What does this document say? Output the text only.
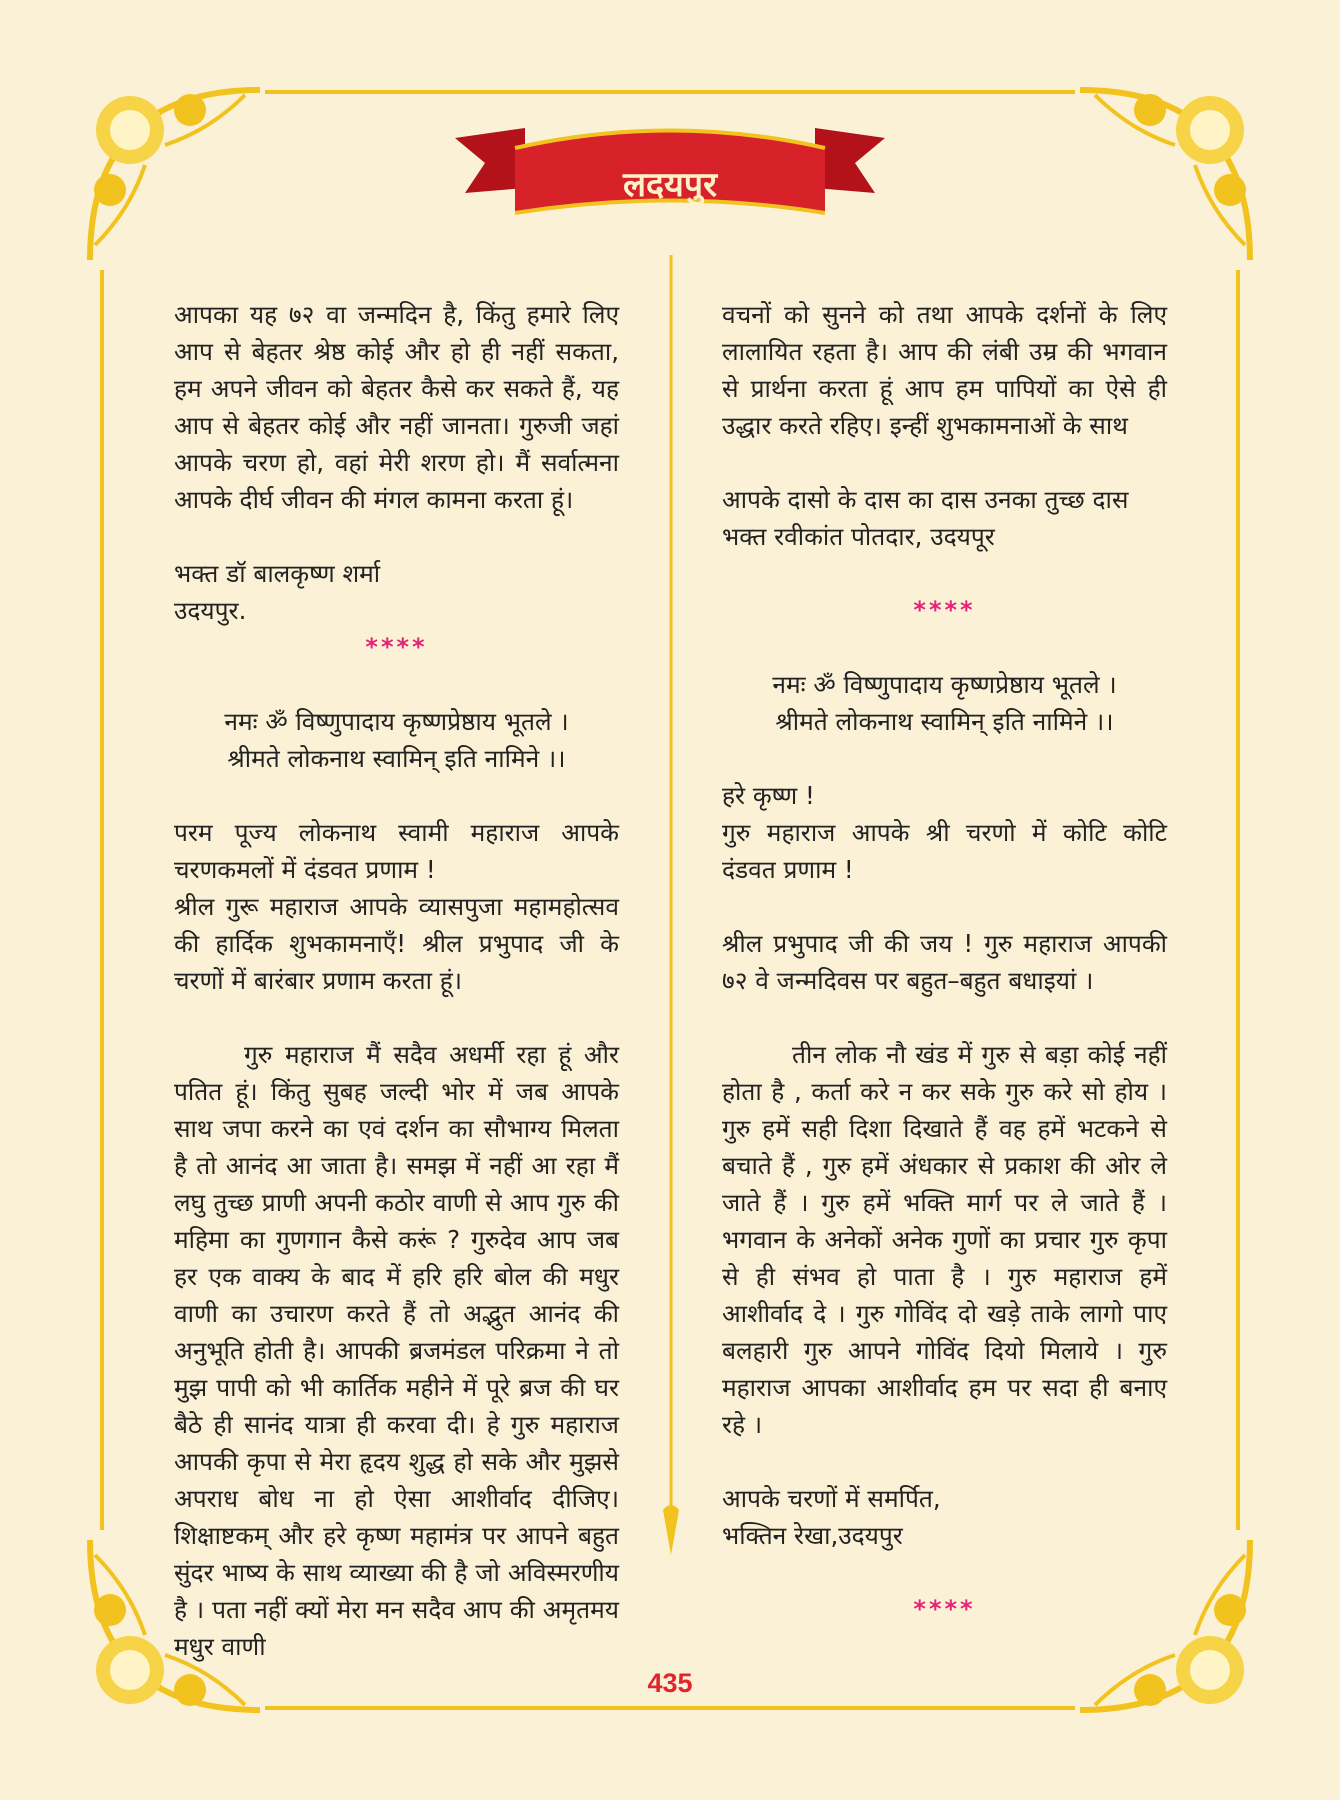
लदयपुर
आपका यह ७२ वा जन्मदिन है, किंतु हमारे लिए आप से बेहतर श्रेष्ठ कोई और हो ही नहीं सकता, हम अपने जीवन को बेहतर कैसे कर सकते हैं, यह आप से बेहतर कोई और नहीं जानता। गुरुजी जहां आपके चरण हो, वहां मेरी शरण हो। मैं सर्वात्मना आपके दीर्घ जीवन की मंगल कामना करता हूं।
भक्त डॉ बालकृष्ण शर्मा
उदयपुर.
****
नमः ॐ विष्णुपादाय कृष्णप्रेष्ठाय भूतले ।
श्रीमते लोकनाथ स्वामिन् इति नामिने ।।
परम पूज्य लोकनाथ स्वामी महाराज आपके चरणकमलों में दंडवत प्रणाम !
श्रील गुरू महाराज आपके व्यासपुजा महामहोत्सव की हार्दिक शुभकामनाएँ! श्रील प्रभुपाद जी के चरणों में बारंबार प्रणाम करता हूं।
गुरु महाराज मैं सदैव अधर्मी रहा हूं और पतित हूं। किंतु सुबह जल्दी भोर में जब आपके साथ जपा करने का एवं दर्शन का सौभाग्य मिलता है तो आनंद आ जाता है। समझ में नहीं आ रहा मैं लघु तुच्छ प्राणी अपनी कठोर वाणी से आप गुरु की महिमा का गुणगान कैसे करूं ? गुरुदेव आप जब हर एक वाक्य के बाद में हरि हरि बोल की मधुर वाणी का उचारण करते हैं तो अद्भुत आनंद की अनुभूति होती है। आपकी ब्रजमंडल परिक्रमा ने तो मुझ पापी को भी कार्तिक महीने में पूरे ब्रज की घर बैठे ही सानंद यात्रा ही करवा दी। हे गुरु महाराज आपकी कृपा से मेरा हृदय शुद्ध हो सके और मुझसे अपराध बोध ना हो ऐसा आशीर्वाद दीजिए। शिक्षाष्टकम् और हरे कृष्ण महामंत्र पर आपने बहुत सुंदर भाष्य के साथ व्याख्या की है जो अविस्मरणीय है । पता नहीं क्यों मेरा मन सदैव आप की अमृतमय मधुर वाणी
वचनों को सुनने को तथा आपके दर्शनों के लिए लालायित रहता है। आप की लंबी उम्र की भगवान से प्रार्थना करता हूं आप हम पापियों का ऐसे ही उद्धार करते रहिए। इन्हीं शुभकामनाओं के साथ
आपके दासो के दास का दास उनका तुच्छ दास
भक्त रवीकांत पोतदार, उदयपूर
****
नमः ॐ विष्णुपादाय कृष्णप्रेष्ठाय भूतले ।
श्रीमते लोकनाथ स्वामिन् इति नामिने ।।
हरे कृष्ण !
गुरु महाराज आपके श्री चरणो में कोटि कोटि दंडवत प्रणाम !
श्रील प्रभुपाद जी की जय ! गुरु महाराज आपकी ७२ वे जन्मदिवस पर बहुत–बहुत बधाइयां ।
तीन लोक नौ खंड में गुरु से बड़ा कोई नहीं होता है , कर्ता करे न कर सके गुरु करे सो होय । गुरु हमें सही दिशा दिखाते हैं वह हमें भटकने से बचाते हैं , गुरु हमें अंधकार से प्रकाश की ओर ले जाते हैं । गुरु हमें भक्ति मार्ग पर ले जाते हैं । भगवान के अनेकों अनेक गुणों का प्रचार गुरु कृपा से ही संभव हो पाता है । गुरु महाराज हमें आशीर्वाद दे । गुरु गोविंद दो खड़े ताके लागो पाए बलहारी गुरु आपने गोविंद दियो मिलाये । गुरु महाराज आपका आशीर्वाद हम पर सदा ही बनाए रहे ।
आपके चरणों में समर्पित,
भक्तिन रेखा,उदयपुर
****
435
